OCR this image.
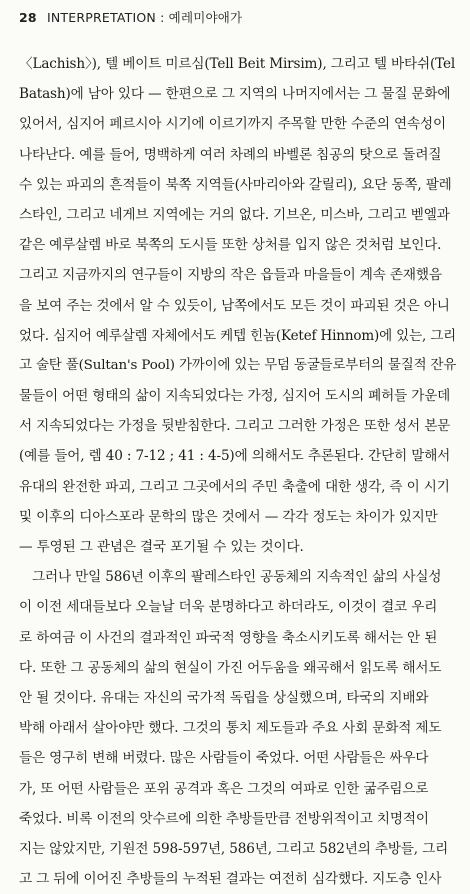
28 INTERPRETATION : 예레미야애가
〈Lachish〉), 텔 베이트 미르심(Tell Beit Mirsim), 그리고 텔 바타쉬(Tel
Batash)에 남아 있다 — 한편으로 그 지역의 나머지에서는 그 물질 문화에
있어서, 심지어 페르시아 시기에 이르기까지 주목할 만한 수준의 연속성이
나타난다. 예를 들어, 명백하게 여러 차례의 바벨론 침공의 탓으로 돌려질
수 있는 파괴의 흔적들이 북쪽 지역들(사마리아와 갈릴리), 요단 동쪽, 팔레
스타인, 그리고 네게브 지역에는 거의 없다. 기브온, 미스바, 그리고 벧엘과
같은 예루살렘 바로 북쪽의 도시들 또한 상처를 입지 않은 것처럼 보인다.
그리고 지금까지의 연구들이 지방의 작은 읍들과 마을들이 계속 존재했음
을 보여 주는 것에서 알 수 있듯이, 남쪽에서도 모든 것이 파괴된 것은 아니
었다. 심지어 예루살렘 자체에서도 케텝 힌놈(Ketef Hinnom)에 있는, 그리
고 술탄 풀(Sultan's Pool) 가까이에 있는 무덤 동굴들로부터의 물질적 잔유
물들이 어떤 형태의 삶이 지속되었다는 가정, 심지어 도시의 폐허들 가운데
서 지속되었다는 가정을 뒷받침한다. 그리고 그러한 가정은 또한 성서 본문
(예를 들어, 렘 40 : 7-12 ; 41 : 4-5)에 의해서도 추론된다. 간단히 말해서
유대의 완전한 파괴, 그리고 그곳에서의 주민 축출에 대한 생각, 즉 이 시기
및 이후의 디아스포라 문학의 많은 것에서 — 각각 정도는 차이가 있지만
— 투영된 그 관념은 결국 포기될 수 있는 것이다.
그러나 만일 586년 이후의 팔레스타인 공동체의 지속적인 삶의 사실성
이 이전 세대들보다 오늘날 더욱 분명하다고 하더라도, 이것이 결코 우리
로 하여금 이 사건의 결과적인 파국적 영향을 축소시키도록 해서는 안 된
다. 또한 그 공동체의 삶의 현실이 가진 어두움을 왜곡해서 읽도록 해서도
안 될 것이다. 유대는 자신의 국가적 독립을 상실했으며, 타국의 지배와
박해 아래서 살아야만 했다. 그것의 통치 제도들과 주요 사회 문화적 제도
들은 영구히 변해 버렸다. 많은 사람들이 죽었다. 어떤 사람들은 싸우다
가, 또 어떤 사람들은 포위 공격과 혹은 그것의 여파로 인한 굶주림으로
죽었다. 비록 이전의 앗수르에 의한 추방들만큼 전방위적이고 치명적이
지는 않았지만, 기원전 598-597년, 586년, 그리고 582년의 추방들, 그리
고 그 뒤에 이어진 추방들의 누적된 결과는 여전히 심각했다. 지도층 인사
